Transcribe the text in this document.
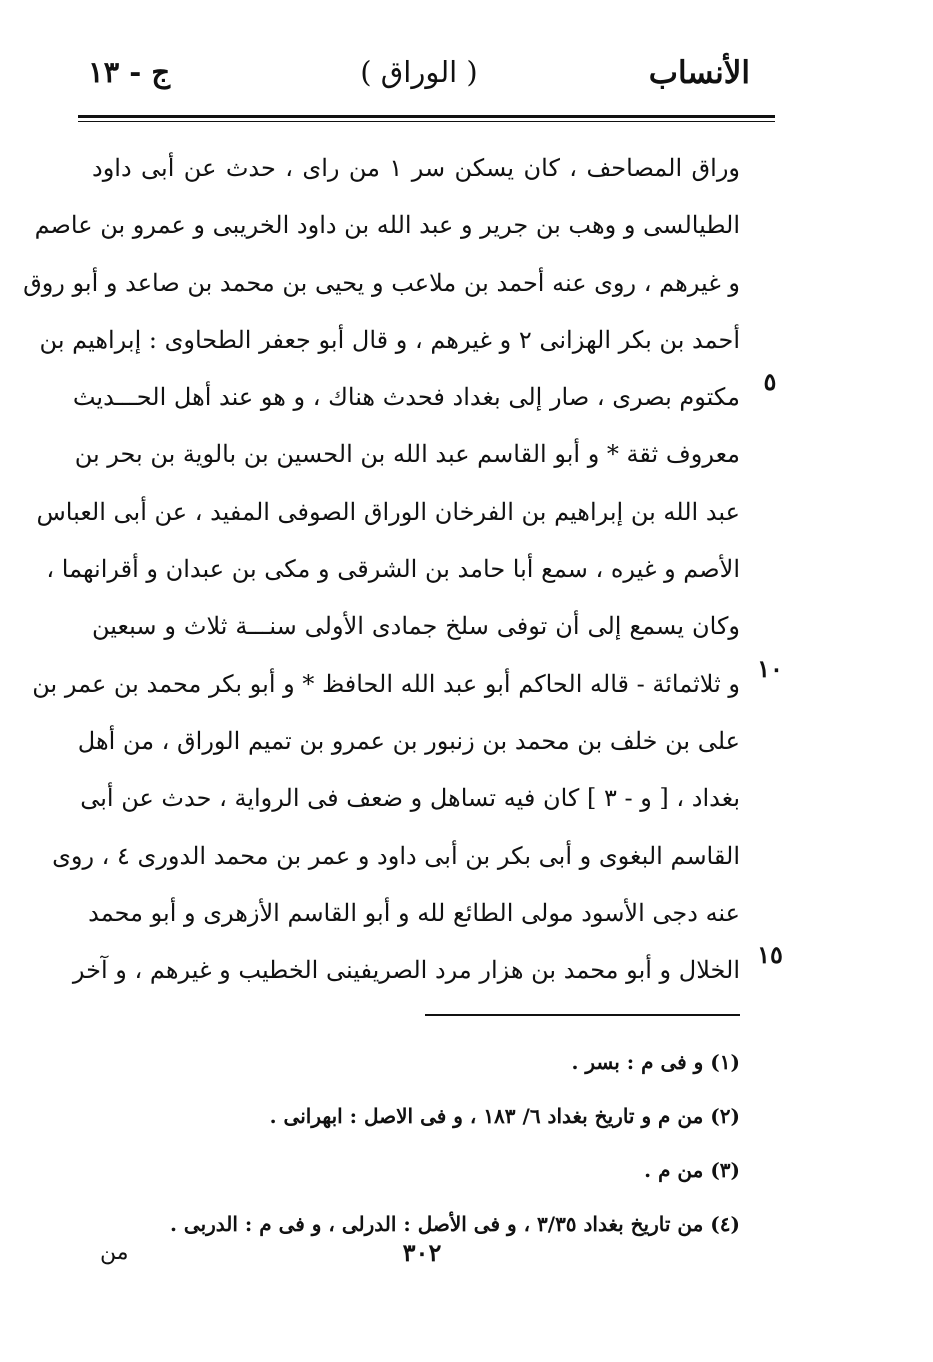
الأنساب
( الوراق )
ج - ١٣
وراق المصاحف ، كان يسكن سر ١ من راى ، حدث عن أبى داود
الطيالسى و وهب بن جرير و عبد الله بن داود الخريبى و عمرو بن عاصم
و غيرهم ، روى عنه أحمد بن ملاعب و يحيى بن محمد بن صاعد و أبو روق
أحمد بن بكر الهزانى ٢ و غيرهم ، و قال أبو جعفر الطحاوى : إبراهيم بن
مكتوم بصرى ، صار إلى بغداد فحدث هناك ، و هو عند أهل الحـــديث
معروف ثقة * و أبو القاسم عبد الله بن الحسين بن بالوية بن بحر بن
عبد الله بن إبراهيم بن الفرخان الوراق الصوفى المفيد ، عن أبى العباس
الأصم و غيره ، سمع أبا حامد بن الشرقى و مكى بن عبدان و أقرانهما ،
وكان يسمع إلى أن توفى سلخ جمادى الأولى سنـــة ثلاث و سبعين
و ثلاثمائة - قاله الحاكم أبو عبد الله الحافظ * و أبو بكر محمد بن عمر بن
على بن خلف بن محمد بن زنبور بن عمرو بن تميم الوراق ، من أهل
بغداد ، [ و - ٣ ] كان فيه تساهل و ضعف فى الرواية ، حدث عن أبى
القاسم البغوى و أبى بكر بن أبى داود و عمر بن محمد الدورى ٤ ، روى
عنه دجى الأسود مولى الطائع لله و أبو القاسم الأزهرى و أبو محمد
الخلال و أبو محمد بن هزار مرد الصريفينى الخطيب و غيرهم ، و آخر
٥
١٠
١٥
(١) و فى م : بسر .
(٢) من م و تاريخ بغداد ٦/ ١٨٣ ، و فى الاصل : ابهرانى .
(٣) من م .
(٤) من تاريخ بغداد ٣/٣٥ ، و فى الأصل : الدرلى ، و فى م : الدربى .
٣٠٢
من
